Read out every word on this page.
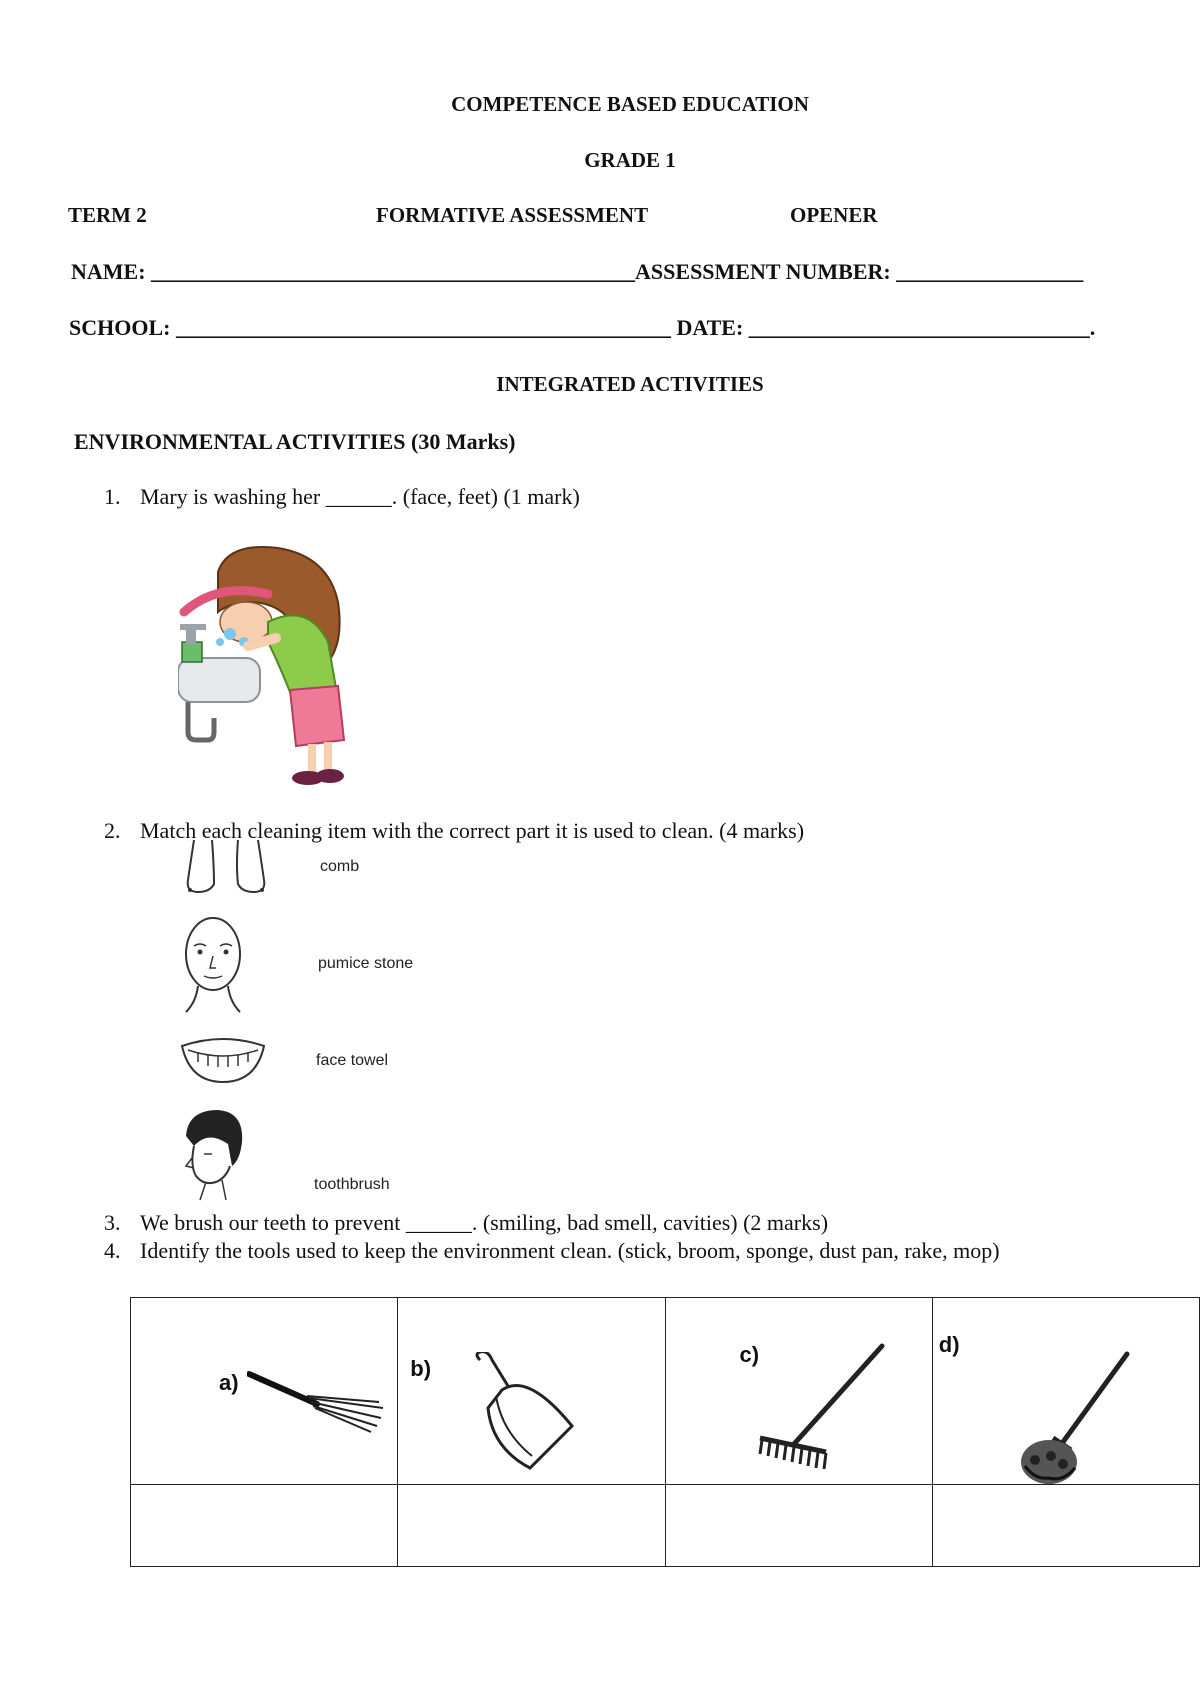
COMPETENCE BASED EDUCATION
GRADE 1
TERM 2	FORMATIVE ASSESSMENT	OPENER
NAME: ____________________________________________ASSESSMENT NUMBER: _________________
SCHOOL: _____________________________________________ DATE: _______________________________.
INTEGRATED ACTIVITIES
ENVIRONMENTAL ACTIVITIES (30 Marks)
1. Mary is washing her ______. (face, feet) (1 mark)
2. Match each cleaning item with the correct part it is used to clean. (4 marks)
comb
pumice stone
face towel
toothbrush
3. We brush our teeth to prevent ______. (smiling, bad smell, cavities) (2 marks)
4. Identify the tools used to keep the environment clean. (stick, broom, sponge, dust pan, rake, mop)
a)	b)	c)	d)
